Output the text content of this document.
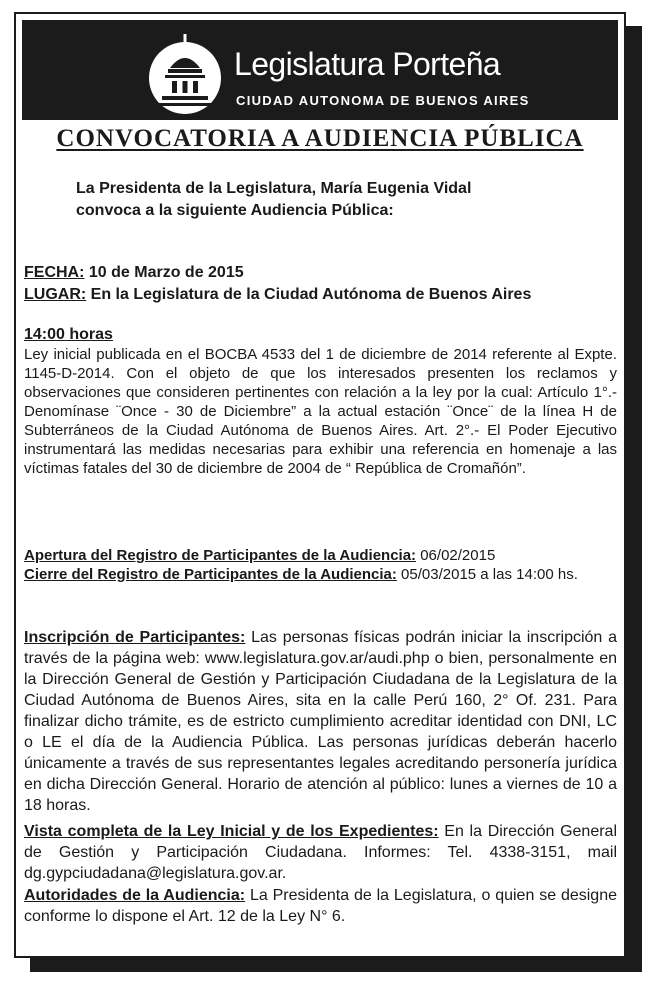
Legislatura Porteña
CIUDAD AUTONOMA DE BUENOS AIRES
CONVOCATORIA A AUDIENCIA PÚBLICA
La Presidenta de la Legislatura, María Eugenia Vidal
convoca a la siguiente Audiencia Pública:
FECHA: 10 de Marzo de 2015
LUGAR: En la Legislatura de la Ciudad Autónoma de Buenos Aires
14:00 horas
Ley inicial publicada en el BOCBA 4533 del 1 de diciembre de 2014 referente al Expte. 1145-D-2014. Con el objeto de que los interesados presenten los reclamos y observaciones que consideren pertinentes con relación a la ley por la cual: Artículo 1°.- Denomínase ¨Once - 30 de Diciembre” a la actual estación ¨Once¨ de la línea H de Subterráneos de la Ciudad Autónoma de Buenos Aires. Art. 2°.- El Poder Ejecutivo instrumentará las medidas necesarias para exhibir una referencia en homenaje a las víctimas fatales del 30 de diciembre de 2004 de “ República de Cromañón”.
Apertura del Registro de Participantes de la Audiencia: 06/02/2015
Cierre del Registro de Participantes de la Audiencia: 05/03/2015 a las 14:00 hs.
Inscripción de Participantes: Las personas físicas podrán iniciar la inscripción a través de la página web: www.legislatura.gov.ar/audi.php o bien, personalmente en la Dirección General de Gestión y Participación Ciudadana de la Legislatura de la Ciudad Autónoma de Buenos Aires, sita en la calle Perú 160, 2° Of. 231. Para finalizar dicho trámite, es de estricto cumplimiento acreditar identidad con DNI, LC o LE el día de la Audiencia Pública. Las personas jurídicas deberán hacerlo únicamente a través de sus representantes legales acreditando personería jurídica en dicha Dirección General. Horario de atención al público: lunes a viernes de 10 a 18 horas.
Vista completa de la Ley Inicial y de los Expedientes: En la Dirección General de Gestión y Participación Ciudadana. Informes: Tel. 4338-3151, mail dg.gypciudadana@legislatura.gov.ar.
Autoridades de la Audiencia: La Presidenta de la Legislatura, o quien se designe conforme lo dispone el Art. 12 de la Ley N° 6.
